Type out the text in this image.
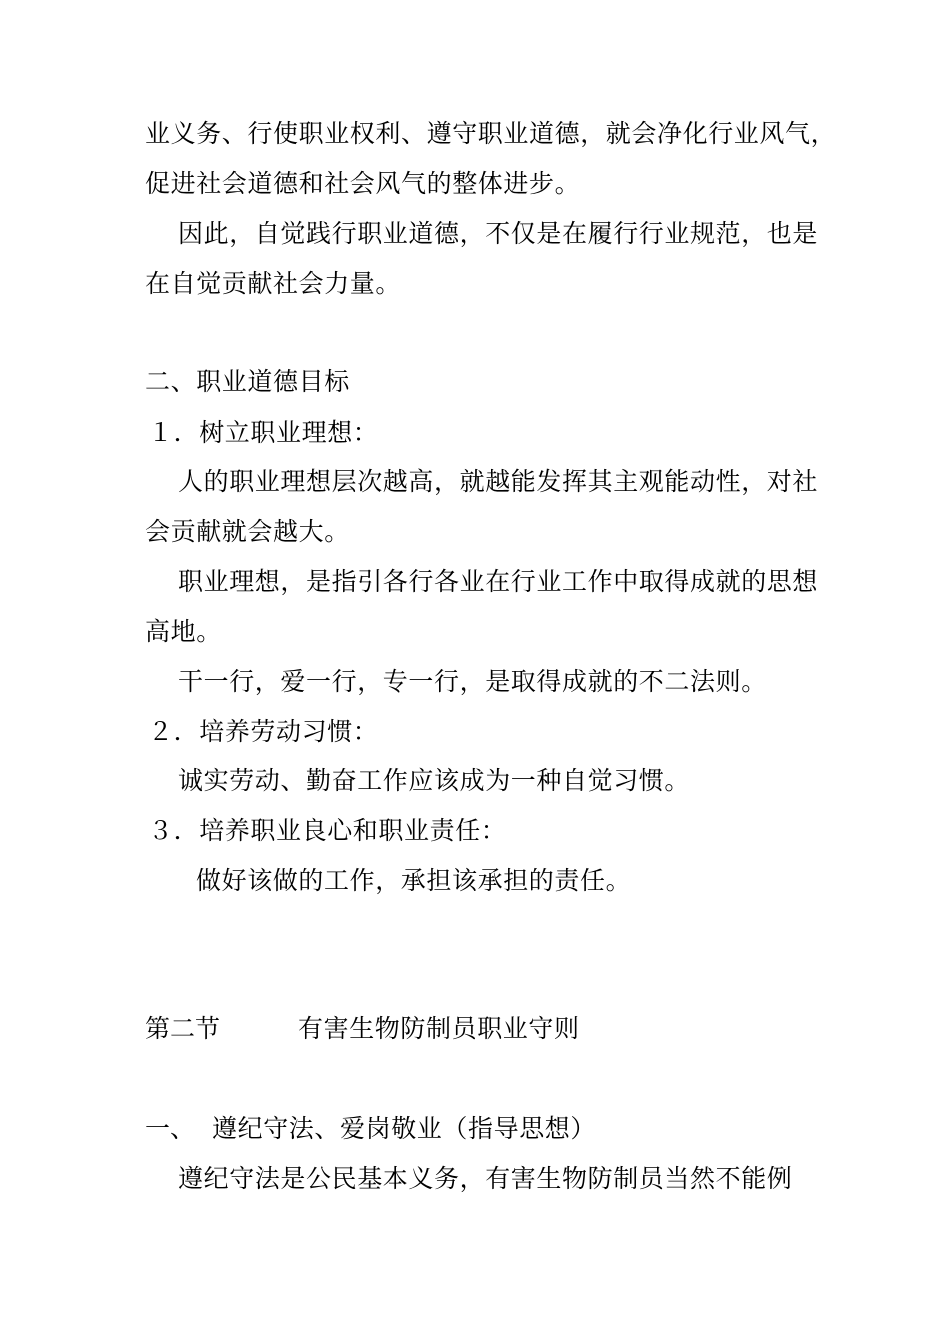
业义务、行使职业权利、遵守职业道德，就会净化行业风气，
促进社会道德和社会风气的整体进步。
因此，自觉践行职业道德，不仅是在履行行业规范，也是
在自觉贡献社会力量。
二、职业道德目标
１．树立职业理想：
人的职业理想层次越高，就越能发挥其主观能动性，对社
会贡献就会越大。
职业理想，是指引各行各业在行业工作中取得成就的思想
高地。
干一行，爱一行，专一行，是取得成就的不二法则。
２．培养劳动习惯：
诚实劳动、勤奋工作应该成为一种自觉习惯。
３．培养职业良心和职业责任：
做好该做的工作，承担该承担的责任。
第二节	有害生物防制员职业守则
一、 遵纪守法、爱岗敬业（指导思想）
遵纪守法是公民基本义务，有害生物防制员当然不能例
